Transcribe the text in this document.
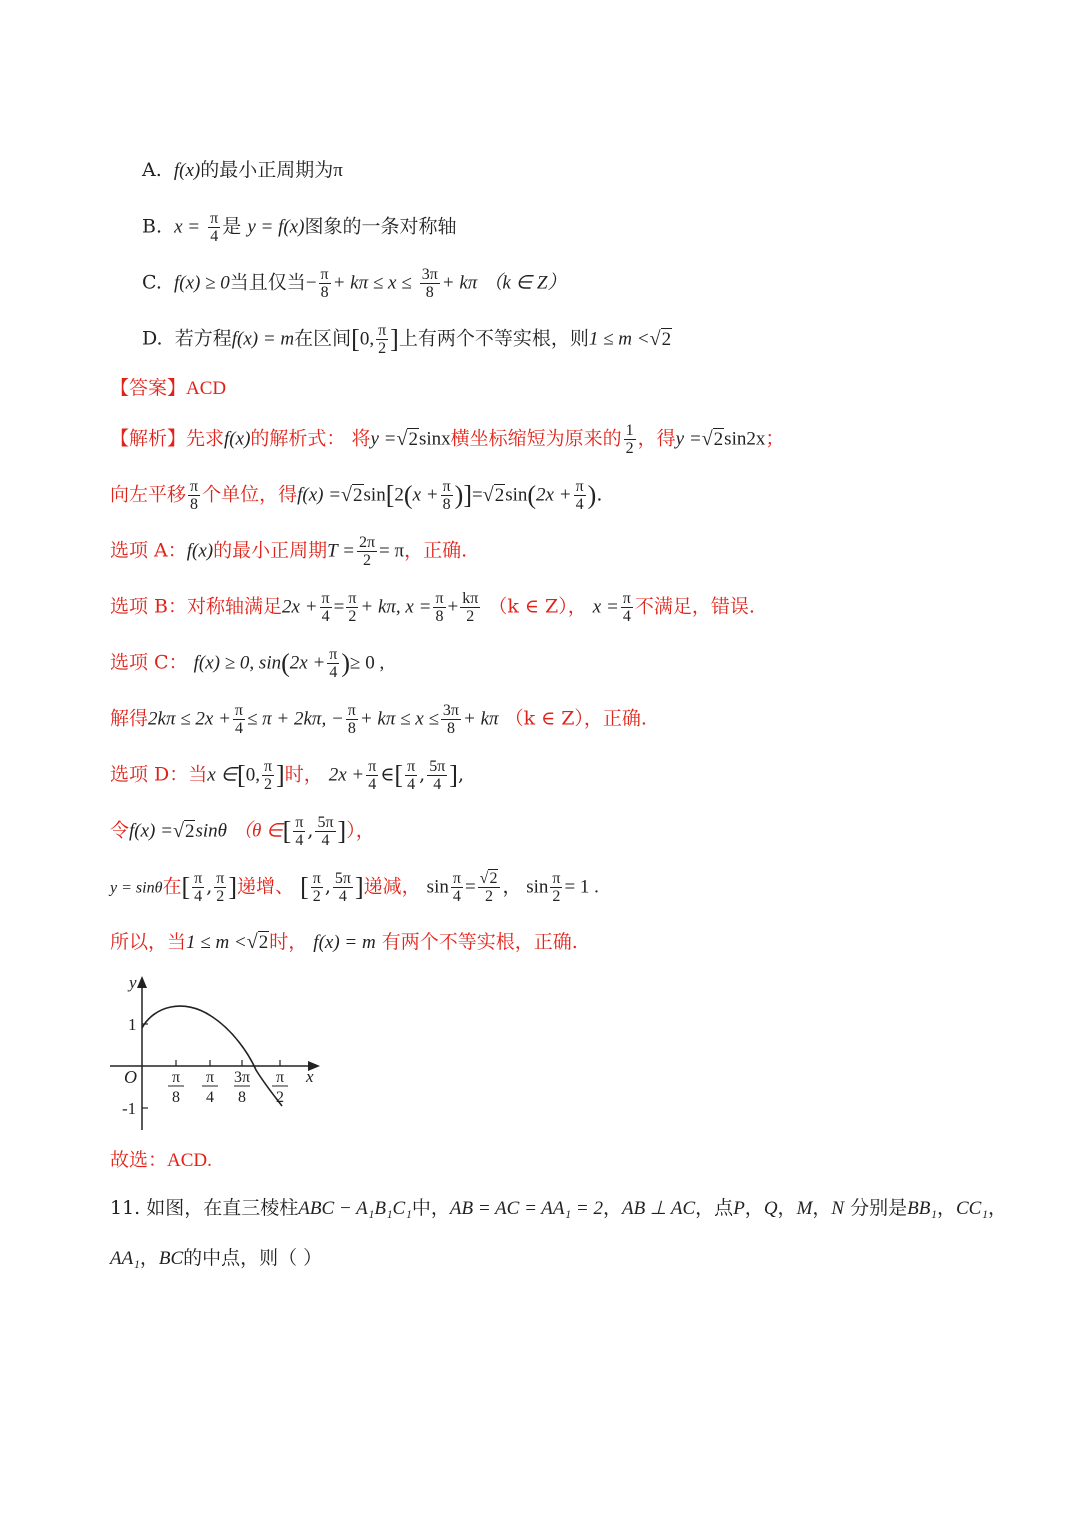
A. f(x)的最小正周期为π
B. $x = \frac{\pi}{4}$ 是 y = f(x)图象的一条对称轴
C. f(x) ≥ 0当且仅当− $\frac{\pi}{8} + k\pi \le x \le \frac{3\pi}{8} + k\pi$ （k ∈ Z）
D. 若方程f(x) = m在区间[0, $\frac{\pi}{2}$ ]上有两个不等实根，则1 ≤ m <√2
【答案】ACD
【解析】先求f(x)的解析式： 将y =√2sinx横坐标缩短为原来的 $\frac{1}{2}$ ，得y =√2sin2x；
向左平移 $\frac{\pi}{8}$ 个单位，得$f(x) =√2\sin[2(x + \frac{\pi}{8} )]=√2\sin(2x + \frac{\pi}{4}$ ).
选项 A：f(x)的最小正周期$T = \frac{2\pi}{2} = \pi$，正确.
选项 B：对称轴满足$2x + \frac{\pi}{4} = \frac{\pi}{2} + k\pi$, $x = \frac{\pi}{8} + \frac{k\pi}{2} (k$ ∈ Z）， $x = \frac{\pi}{4}$ 不满足，错误.
选项 C： f(x) ≥ 0, $\sin(2x + \frac{\pi}{4}$ )≥ 0 ,
解得$2k\pi \le 2x + \frac{\pi}{4} \le \pi + 2k\pi$, − $\frac{\pi}{8} + k\pi \le x \le \frac{3\pi}{8} + k\pi$ （k ∈ Z），正确.
选项 D：当x ∈[0, $\frac{\pi}{2}$ ]时， $2x + \frac{\pi}{4}$ ∈[ $\frac{\pi}{4}$ , $\frac{5\pi}{4}$ ],
令f(x) =√2sinθ （θ ∈[ $\frac{\pi}{4}$ , $\frac{5\pi}{4}$ ]），
y = sinθ在[ $\frac{\pi}{4}$ , $\frac{\pi}{2}$ ]递增、 [ $\frac{\pi}{2}$ , $\frac{5\pi}{4}$ ]递减， $\sin \frac{\pi}{4} = \frac{√2}{2}$ ， $\sin \frac{\pi}{2} = 1$ .
所以，当1 ≤ m <√2时， f(x) = m 有两个不等实根，正确.
y
x
O
1
-1
π
8
π
4
3π
8
π
2
故选：ACD.
11. 如图，在直三棱柱ABC − A₁B₁C₁中，AB = AC = AA₁ = 2，AB ⊥ AC，点P，Q，M，N 分别是BB₁，CC₁，
AA₁，BC的中点，则（ ）
